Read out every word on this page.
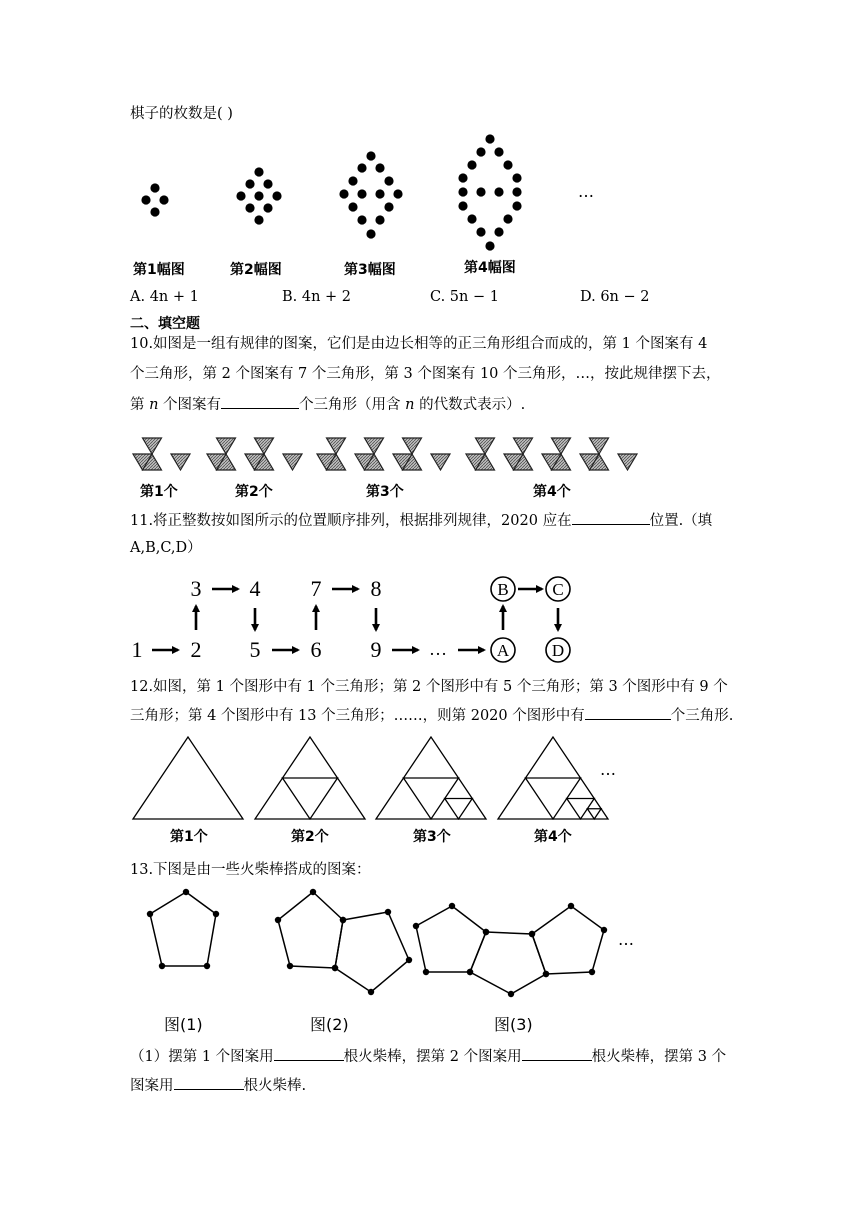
棋子的枚数是( )
…
第1幅图	第2幅图	第3幅图	第4幅图
A. 4n + 1	B. 4n + 2	C. 5n − 1	D. 6n − 2
二、填空题
10.如图是一组有规律的图案，它们是由边长相等的正三角形组合而成的，第 1 个图案有 4
个三角形，第 2 个图案有 7 个三角形，第 3 个图案有 10 个三角形，…，按此规律摆下去，
第 n 个图案有	个三角形（用含 n 的代数式表示）.
第1个	第2个	第3个	第4个
11.将正整数按如图所示的位置顺序排列，根据排列规律，2020 应在	位置.（填
A,B,C,D）
1 2
3 4
5 6
7 8
9	…	A
B	C
D
12.如图，第 1 个图形中有 1 个三角形；第 2 个图形中有 5 个三角形；第 3 个图形中有 9 个
三角形；第 4 个图形中有 13 个三角形；……，则第 2020 个图形中有	个三角形.
…
第1个	第2个	第3个	第4个
13.下图是由一些火柴棒搭成的图案：
…
图(1)	图(2)	图(3)
（1）摆第 1 个图案用	根火柴棒，摆第 2 个图案用	根火柴棒，摆第 3 个
图案用	根火柴棒.
